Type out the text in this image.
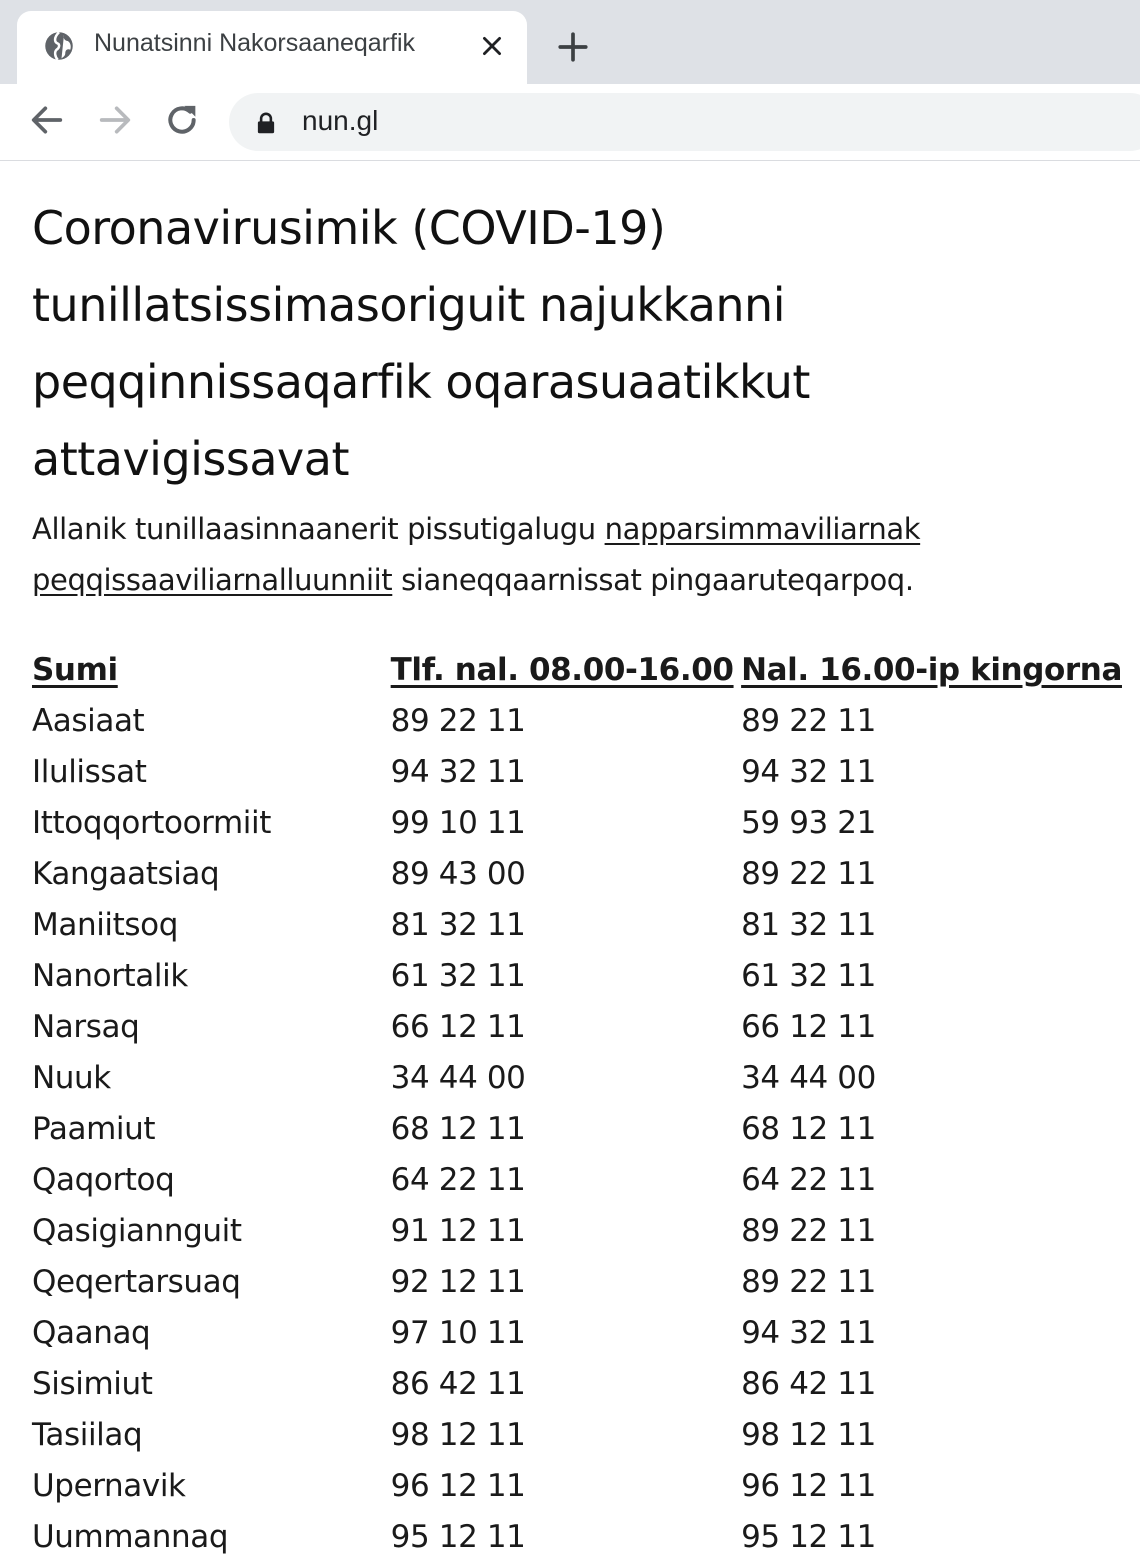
Nunatsinni Nakorsaaneqarfik
nun.gl
Coronavirusimik (COVID-19) tunillatsissimasoriguit najukkanni peqqinnissaqarfik oqarasuaatikkut attavigissavat

Allanik tunillaasinnaanerit pissutigalugu napparsimmaviliarnak peqqissaaviliarnalluunniit sianeqqaarnissat pingaaruteqarpoq.

Sumi	Tlf. nal. 08.00-16.00	Nal. 16.00-ip kingorna
Aasiaat	89 22 11	89 22 11
Ilulissat	94 32 11	94 32 11
Ittoqqortoormiit	99 10 11	59 93 21
Kangaatsiaq	89 43 00	89 22 11
Maniitsoq	81 32 11	81 32 11
Nanortalik	61 32 11	61 32 11
Narsaq	66 12 11	66 12 11
Nuuk	34 44 00	34 44 00
Paamiut	68 12 11	68 12 11
Qaqortoq	64 22 11	64 22 11
Qasigiannguit	91 12 11	89 22 11
Qeqertarsuaq	92 12 11	89 22 11
Qaanaq	97 10 11	94 32 11
Sisimiut	86 42 11	86 42 11
Tasiilaq	98 12 11	98 12 11
Upernavik	96 12 11	96 12 11
Uummannaq	95 12 11	95 12 11
